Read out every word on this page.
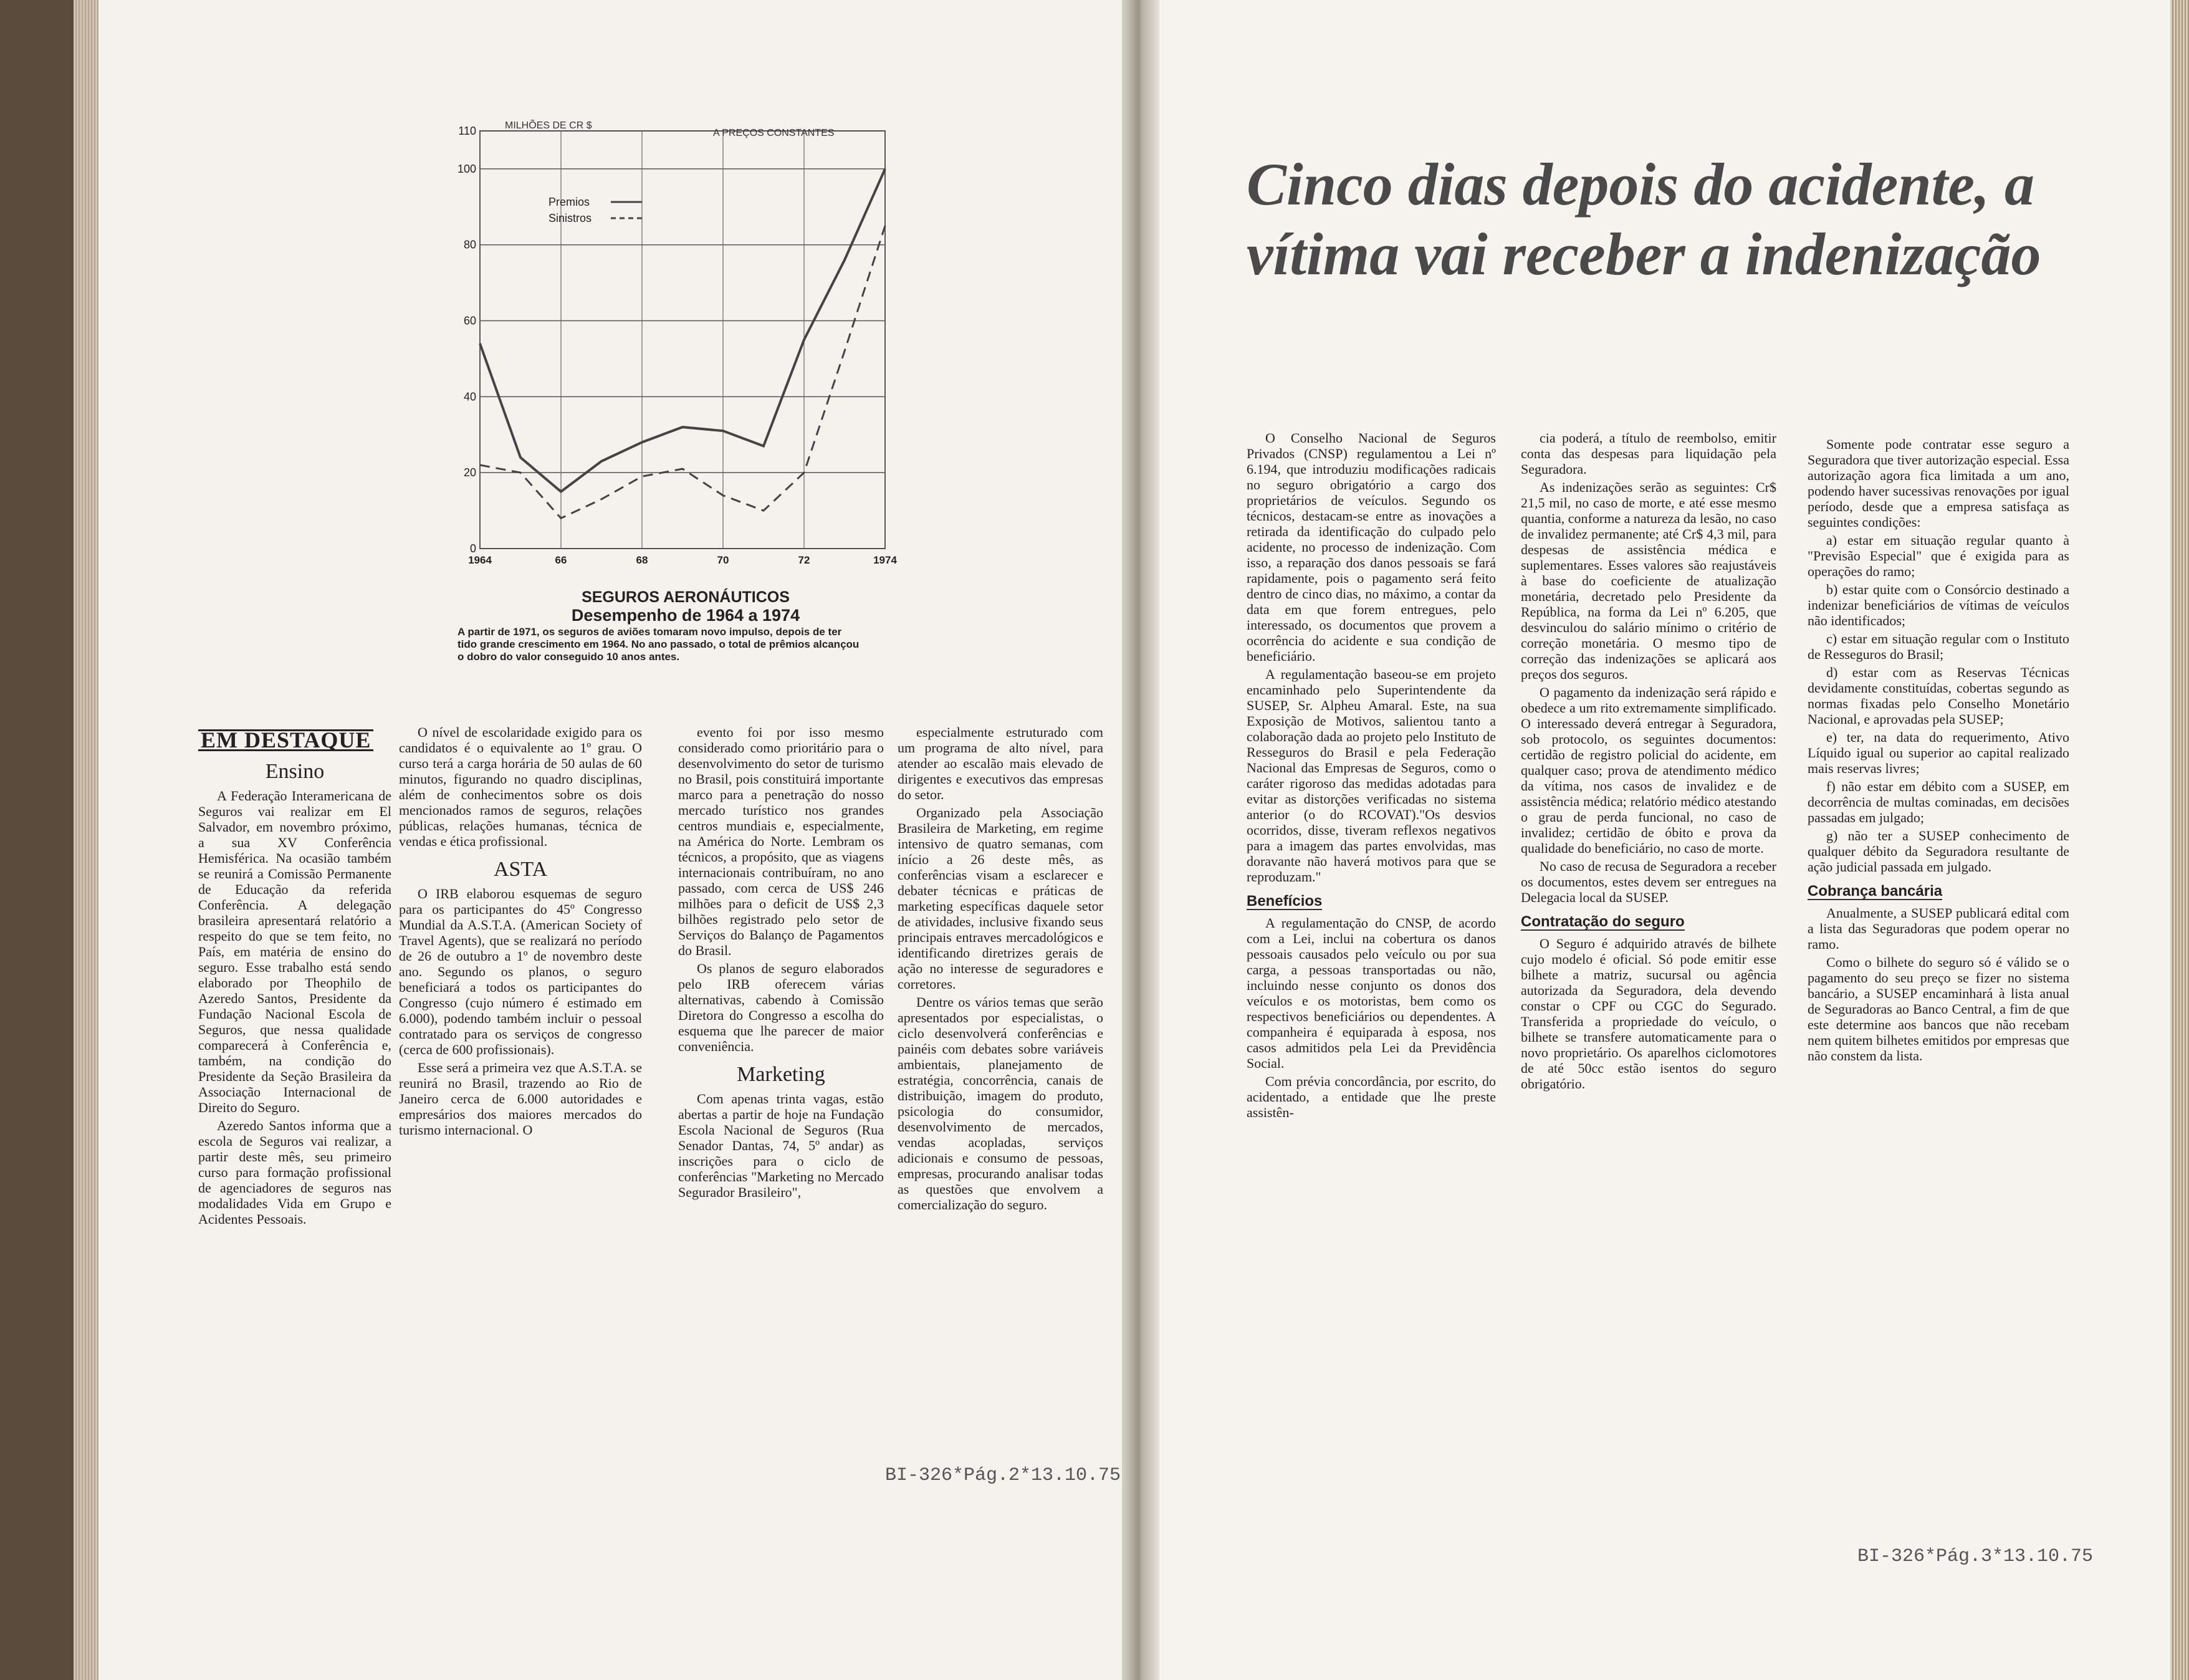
0
20
40
60
80
100
110
1964	66	68	70	72	1974
MILHÕES DE CR $
A PREÇOS CONSTANTES
Premios
Sinistros
SEGUROS AERONÁUTICOS
Desempenho de 1964 a 1974
A partir de 1971, os seguros de aviões tomaram novo impulso, depois de ter tido grande crescimento em 1964. No ano passado, o total de prêmios alcançou o dobro do valor conseguido 10 anos antes.
EM DESTAQUE
Ensino

A Federação Interamericana de Seguros vai realizar em El Salvador, em novembro próximo, a sua XV Conferência Hemisférica. Na ocasião também se reunirá a Comissão Permanente de Educação da referida Conferência. A delegação brasileira apresentará relatório a respeito do que se tem feito, no País, em matéria de ensino do seguro. Esse trabalho está sendo elaborado por Theophilo de Azeredo Santos, Presidente da Fundação Nacional Escola de Seguros, que nessa qualidade comparecerá à Conferência e, também, na condição do Presidente da Seção Brasileira da Associação Internacional de Direito do Seguro.

Azeredo Santos informa que a escola de Seguros vai realizar, a partir deste mês, seu primeiro curso para formação profissional de agenciadores de seguros nas modalidades Vida em Grupo e Acidentes Pessoais.

O nível de escolaridade exigido para os candidatos é o equivalente ao 1º grau. O curso terá a carga horária de 50 aulas de 60 minutos, figurando no quadro disciplinas, além de conhecimentos sobre os dois mencionados ramos de seguros, relações públicas, relações humanas, técnica de vendas e ética profissional.

ASTA

O IRB elaborou esquemas de seguro para os participantes do 45º Congresso Mundial da A.S.T.A. (American Society of Travel Agents), que se realizará no período de 26 de outubro a 1º de novembro deste ano. Segundo os planos, o seguro beneficiará a todos os participantes do Congresso (cujo número é estimado em 6.000), podendo também incluir o pessoal contratado para os serviços de congresso (cerca de 600 profissionais).

Esse será a primeira vez que A.S.T.A. se reunirá no Brasil, trazendo ao Rio de Janeiro cerca de 6.000 autoridades e empresários dos maiores mercados do turismo internacional. O

evento foi por isso mesmo considerado como prioritário para o desenvolvimento do setor de turismo no Brasil, pois constituirá importante marco para a penetração do nosso mercado turístico nos grandes centros mundiais e, especialmente, na América do Norte. Lembram os técnicos, a propósito, que as viagens internacionais contribuíram, no ano passado, com cerca de US$ 246 milhões para o deficit de US$ 2,3 bilhões registrado pelo setor de Serviços do Balanço de Pagamentos do Brasil.

Os planos de seguro elaborados pelo IRB oferecem várias alternativas, cabendo à Comissão Diretora do Congresso a escolha do esquema que lhe parecer de maior conveniência.

Marketing

Com apenas trinta vagas, estão abertas a partir de hoje na Fundação Escola Nacional de Seguros (Rua Senador Dantas, 74, 5º andar) as inscrições para o ciclo de conferências "Marketing no Mercado Segurador Brasileiro",

especialmente estruturado com um programa de alto nível, para atender ao escalão mais elevado de dirigentes e executivos das empresas do setor.

Organizado pela Associação Brasileira de Marketing, em regime intensivo de quatro semanas, com início a 26 deste mês, as conferências visam a esclarecer e debater técnicas e práticas de marketing específicas daquele setor de atividades, inclusive fixando seus principais entraves mercadológicos e identificando diretrizes gerais de ação no interesse de seguradores e corretores.

Dentre os vários temas que serão apresentados por especialistas, o ciclo desenvolverá conferências e painéis com debates sobre variáveis ambientais, planejamento de estratégia, concorrência, canais de distribuição, imagem do produto, psicologia do consumidor, desenvolvimento de mercados, vendas acopladas, serviços adicionais e consumo de pessoas, empresas, procurando analisar todas as questões que envolvem a comercialização do seguro.

BI-326*Pág.2*13.10.75
Cinco dias depois do acidente, a vítima vai receber a indenização

O Conselho Nacional de Seguros Privados (CNSP) regulamentou a Lei nº 6.194, que introduziu modificações radicais no seguro obrigatório a cargo dos proprietários de veículos. Segundo os técnicos, destacam-se entre as inovações a retirada da identificação do culpado pelo acidente, no processo de indenização. Com isso, a reparação dos danos pessoais se fará rapidamente, pois o pagamento será feito dentro de cinco dias, no máximo, a contar da data em que forem entregues, pelo interessado, os documentos que provem a ocorrência do acidente e sua condição de beneficiário.

A regulamentação baseou-se em projeto encaminhado pelo Superintendente da SUSEP, Sr. Alpheu Amaral. Este, na sua Exposição de Motivos, salientou tanto a colaboração dada ao projeto pelo Instituto de Resseguros do Brasil e pela Federação Nacional das Empresas de Seguros, como o caráter rigoroso das medidas adotadas para evitar as distorções verificadas no sistema anterior (o do RCOVAT)."Os desvios ocorridos, disse, tiveram reflexos negativos para a imagem das partes envolvidas, mas doravante não haverá motivos para que se reproduzam."

Benefícios

A regulamentação do CNSP, de acordo com a Lei, inclui na cobertura os danos pessoais causados pelo veículo ou por sua carga, a pessoas transportadas ou não, incluindo nesse conjunto os donos dos veículos e os motoristas, bem como os respectivos beneficiários ou dependentes. A companheira é equiparada à esposa, nos casos admitidos pela Lei da Previdência Social.

Com prévia concordância, por escrito, do acidentado, a entidade que lhe preste assistên-

cia poderá, a título de reembolso, emitir conta das despesas para liquidação pela Seguradora.

As indenizações serão as seguintes: Cr$ 21,5 mil, no caso de morte, e até esse mesmo quantia, conforme a natureza da lesão, no caso de invalidez permanente; até Cr$ 4,3 mil, para despesas de assistência médica e suplementares. Esses valores são reajustáveis à base do coeficiente de atualização monetária, decretado pelo Presidente da República, na forma da Lei nº 6.205, que desvinculou do salário mínimo o critério de correção monetária. O mesmo tipo de correção das indenizações se aplicará aos preços dos seguros.

O pagamento da indenização será rápido e obedece a um rito extremamente simplificado. O interessado deverá entregar à Seguradora, sob protocolo, os seguintes documentos: certidão de registro policial do acidente, em qualquer caso; prova de atendimento médico da vítima, nos casos de invalidez e de assistência médica; relatório médico atestando o grau de perda funcional, no caso de invalidez; certidão de óbito e prova da qualidade do beneficiário, no caso de morte.

No caso de recusa de Seguradora a receber os documentos, estes devem ser entregues na Delegacia local da SUSEP.

Contratação do seguro

O Seguro é adquirido através de bilhete cujo modelo é oficial. Só pode emitir esse bilhete a matriz, sucursal ou agência autorizada da Seguradora, dela devendo constar o CPF ou CGC do Segurado. Transferida a propriedade do veículo, o bilhete se transfere automaticamente para o novo proprietário. Os aparelhos ciclomotores de até 50cc estão isentos do seguro obrigatório.

Somente pode contratar esse seguro a Seguradora que tiver autorização especial. Essa autorização agora fica limitada a um ano, podendo haver sucessivas renovações por igual período, desde que a empresa satisfaça as seguintes condições:

a) estar em situação regular quanto à "Previsão Especial" que é exigida para as operações do ramo;

b) estar quite com o Consórcio destinado a indenizar beneficiários de vítimas de veículos não identificados;

c) estar em situação regular com o Instituto de Resseguros do Brasil;

d) estar com as Reservas Técnicas devidamente constituídas, cobertas segundo as normas fixadas pelo Conselho Monetário Nacional, e aprovadas pela SUSEP;

e) ter, na data do requerimento, Ativo Líquido igual ou superior ao capital realizado mais reservas livres;

f) não estar em débito com a SUSEP, em decorrência de multas cominadas, em decisões passadas em julgado;

g) não ter a SUSEP conhecimento de qualquer débito da Seguradora resultante de ação judicial passada em julgado.

Cobrança bancária

Anualmente, a SUSEP publicará edital com a lista das Seguradoras que podem operar no ramo.

Como o bilhete do seguro só é válido se o pagamento do seu preço se fizer no sistema bancário, a SUSEP encaminhará à lista anual de Seguradoras ao Banco Central, a fim de que este determine aos bancos que não recebam nem quitem bilhetes emitidos por empresas que não constem da lista.

BI-326*Pág.3*13.10.75
